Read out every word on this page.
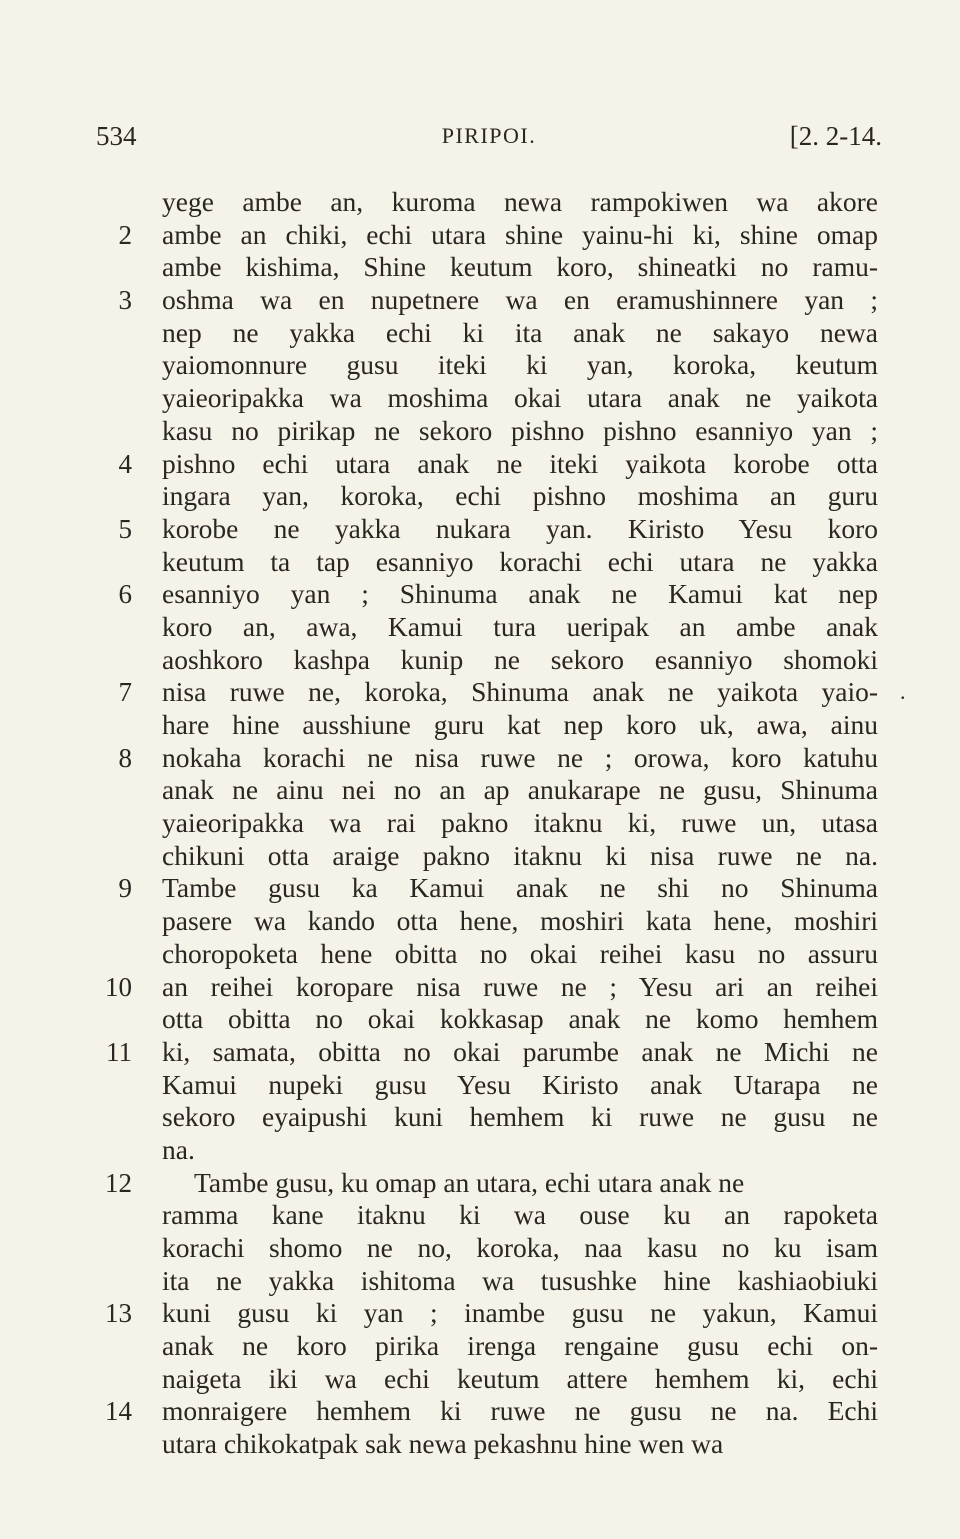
534	PIRIPOI.	[2. 2-14.
yege ambe an, kuroma newa rampokiwen wa akore
2 ambe an chiki, echi utara shine yainu-hi ki, shine omap
ambe kishima, Shine keutum koro, shineatki no ramu-
3 oshma wa en nupetnere wa en eramushinnere yan ;
nep ne yakka echi ki ita anak ne sakayo newa
yaiomonnure gusu iteki ki yan, koroka, keutum
yaieoripakka wa moshima okai utara anak ne yaikota
kasu no pirikap ne sekoro pishno pishno esanniyo yan ;
4 pishno echi utara anak ne iteki yaikota korobe otta
ingara yan, koroka, echi pishno moshima an guru
5 korobe ne yakka nukara yan. Kiristo Yesu koro
keutum ta tap esanniyo korachi echi utara ne yakka
6 esanniyo yan ; Shinuma anak ne Kamui kat nep
koro an, awa, Kamui tura ueripak an ambe anak
aoshkoro kashpa kunip ne sekoro esanniyo shomoki
7 nisa ruwe ne, koroka, Shinuma anak ne yaikota yaio- .
hare hine ausshiune guru kat nep koro uk, awa, ainu
8 nokaha korachi ne nisa ruwe ne ; orowa, koro katuhu
anak ne ainu nei no an ap anukarape ne gusu, Shinuma
yaieoripakka wa rai pakno itaknu ki, ruwe un, utasa
chikuni otta araige pakno itaknu ki nisa ruwe ne na.
9 Tambe gusu ka Kamui anak ne shi no Shinuma
pasere wa kando otta hene, moshiri kata hene, moshiri
choropoketa hene obitta no okai reihei kasu no assuru
10 an reihei koropare nisa ruwe ne ; Yesu ari an reihei
otta obitta no okai kokkasap anak ne komo hemhem
11 ki, samata, obitta no okai parumbe anak ne Michi ne
Kamui nupeki gusu Yesu Kiristo anak Utarapa ne
sekoro eyaipushi kuni hemhem ki ruwe ne gusu ne
na.
12 Tambe gusu, ku omap an utara, echi utara anak ne
ramma kane itaknu ki wa ouse ku an rapoketa
korachi shomo ne no, koroka, naa kasu no ku isam
ita ne yakka ishitoma wa tusushke hine kashiaobiuki
13 kuni gusu ki yan ; inambe gusu ne yakun, Kamui
anak ne koro pirika irenga rengaine gusu echi on-
naigeta iki wa echi keutum attere hemhem ki, echi
14 monraigere hemhem ki ruwe ne gusu ne na. Echi
utara chikokatpak sak newa pekashnu hine wen wa
